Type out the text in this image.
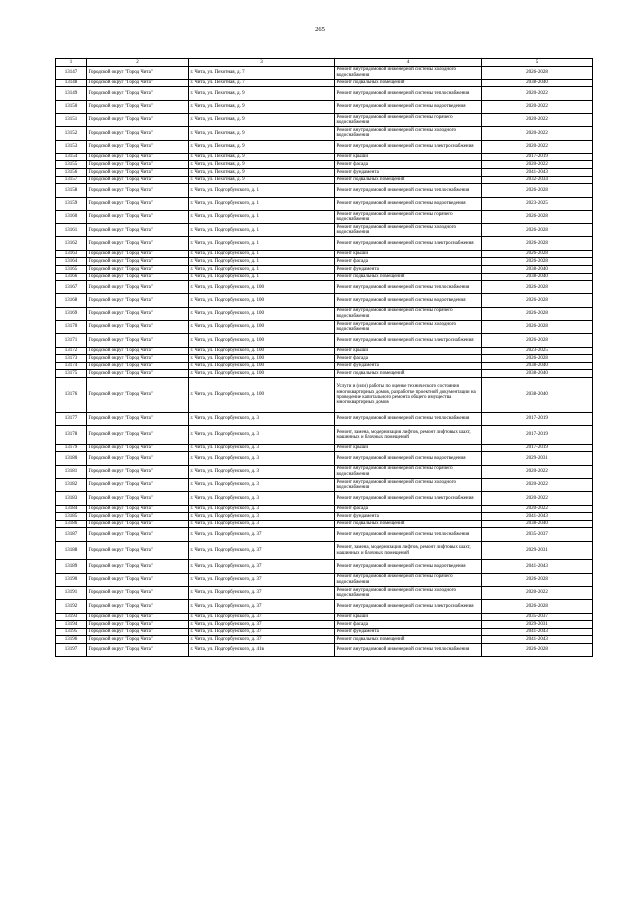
265
1	2	3	4	5
13147	Городской округ "Город Чита"	г. Чита, ул. Пехотная, д. 7	Ремонт внутридомовой инженерной системы холодного водоснабжения	2026-2028
13148	Городской округ "Город Чита"	г. Чита, ул. Пехотная, д. 7	Ремонт подвальных помещений	2038-2040
13149	Городской округ "Город Чита"	г. Чита, ул. Пехотная, д. 9	Ремонт внутридомовой инженерной системы теплоснабжения	2020-2022
13150	Городской округ "Город Чита"	г. Чита, ул. Пехотная, д. 9	Ремонт внутридомовой инженерной системы водоотведения	2020-2022
13151	Городской округ "Город Чита"	г. Чита, ул. Пехотная, д. 9	Ремонт внутридомовой инженерной системы горячего водоснабжения	2020-2022
13152	Городской округ "Город Чита"	г. Чита, ул. Пехотная, д. 9	Ремонт внутридомовой инженерной системы холодного водоснабжения	2020-2022
13153	Городской округ "Город Чита"	г. Чита, ул. Пехотная, д. 9	Ремонт внутридомовой инженерной системы электроснабжения	2020-2022
13154	Городской округ "Город Чита"	г. Чита, ул. Пехотная, д. 9	Ремонт крыши	2017-2019
13155	Городской округ "Город Чита"	г. Чита, ул. Пехотная, д. 9	Ремонт фасада	2020-2022
13156	Городской округ "Город Чита"	г. Чита, ул. Пехотная, д. 9	Ремонт фундамента	2041-2043
13157	Городской округ "Город Чита"	г. Чита, ул. Пехотная, д. 9	Ремонт подвальных помещений	2032-2034
13158	Городской округ "Город Чита"	г. Чита, ул. Подгорбунского, д. 1	Ремонт внутридомовой инженерной системы теплоснабжения	2026-2028
13159	Городской округ "Город Чита"	г. Чита, ул. Подгорбунского, д. 1	Ремонт внутридомовой инженерной системы водоотведения	2023-2025
13160	Городской округ "Город Чита"	г. Чита, ул. Подгорбунского, д. 1	Ремонт внутридомовой инженерной системы горячего водоснабжения	2026-2028
13161	Городской округ "Город Чита"	г. Чита, ул. Подгорбунского, д. 1	Ремонт внутридомовой инженерной системы холодного водоснабжения	2026-2028
13162	Городской округ "Город Чита"	г. Чита, ул. Подгорбунского, д. 1	Ремонт внутридомовой инженерной системы электроснабжения	2026-2028
13163	Городской округ "Город Чита"	г. Чита, ул. Подгорбунского, д. 1	Ремонт крыши	2026-2028
13164	Городской округ "Город Чита"	г. Чита, ул. Подгорбунского, д. 1	Ремонт фасада	2026-2028
13165	Городской округ "Город Чита"	г. Чита, ул. Подгорбунского, д. 1	Ремонт фундамента	2038-2040
13166	Городской округ "Город Чита"	г. Чита, ул. Подгорбунского, д. 1	Ремонт подвальных помещений	2038-2040
13167	Городской округ "Город Чита"	г. Чита, ул. Подгорбунского, д. 100	Ремонт внутридомовой инженерной системы теплоснабжения	2026-2028
13168	Городской округ "Город Чита"	г. Чита, ул. Подгорбунского, д. 100	Ремонт внутридомовой инженерной системы водоотведения	2026-2028
13169	Городской округ "Город Чита"	г. Чита, ул. Подгорбунского, д. 100	Ремонт внутридомовой инженерной системы горячего водоснабжения	2026-2028
13170	Городской округ "Город Чита"	г. Чита, ул. Подгорбунского, д. 100	Ремонт внутридомовой инженерной системы холодного водоснабжения	2026-2028
13171	Городской округ "Город Чита"	г. Чита, ул. Подгорбунского, д. 100	Ремонт внутридомовой инженерной системы электроснабжения	2026-2028
13172	Городской округ "Город Чита"	г. Чита, ул. Подгорбунского, д. 100	Ремонт крыши	2023-2025
13173	Городской округ "Город Чита"	г. Чита, ул. Подгорбунского, д. 100	Ремонт фасада	2026-2028
13174	Городской округ "Город Чита"	г. Чита, ул. Подгорбунского, д. 100	Ремонт фундамента	2038-2040
13175	Городской округ "Город Чита"	г. Чита, ул. Подгорбунского, д. 100	Ремонт подвальных помещений	2038-2040
13176	Городской округ "Город Чита"	г. Чита, ул. Подгорбунского, д. 100	Услуги и (или) работы по оценке технического состояния многоквартирных домов, разработке проектной документации на проведение капитального ремонта общего имущества многоквартирных домов	2038-2040
13177	Городской округ "Город Чита"	г. Чита, ул. Подгорбунского, д. 3	Ремонт внутридомовой инженерной системы теплоснабжения	2017-2019
13178	Городской округ "Город Чита"	г. Чита, ул. Подгорбунского, д. 3	Ремонт, замена, модернизация лифтов, ремонт лифтовых шахт, машинных и блочных помещений	2017-2019
13179	Городской округ "Город Чита"	г. Чита, ул. Подгорбунского, д. 3	Ремонт крыши	2017-2019
13180	Городской округ "Город Чита"	г. Чита, ул. Подгорбунского, д. 3	Ремонт внутридомовой инженерной системы водоотведения	2029-2031
13181	Городской округ "Город Чита"	г. Чита, ул. Подгорбунского, д. 3	Ремонт внутридомовой инженерной системы горячего водоснабжения	2020-2022
13182	Городской округ "Город Чита"	г. Чита, ул. Подгорбунского, д. 3	Ремонт внутридомовой инженерной системы холодного водоснабжения	2020-2022
13183	Городской округ "Город Чита"	г. Чита, ул. Подгорбунского, д. 3	Ремонт внутридомовой инженерной системы электроснабжения	2020-2022
13184	Городской округ "Город Чита"	г. Чита, ул. Подгорбунского, д. 3	Ремонт фасада	2020-2022
13185	Городской округ "Город Чита"	г. Чита, ул. Подгорбунского, д. 3	Ремонт фундамента	2041-2043
13186	Городской округ "Город Чита"	г. Чита, ул. Подгорбунского, д. 3	Ремонт подвальных помещений	2038-2040
13187	Городской округ "Город Чита"	г. Чита, ул. Подгорбунского, д. 37	Ремонт внутридомовой инженерной системы теплоснабжения	2035-2037
13188	Городской округ "Город Чита"	г. Чита, ул. Подгорбунского, д. 37	Ремонт, замена, модернизация лифтов, ремонт лифтовых шахт, машинных и блочных помещений	2029-2031
13189	Городской округ "Город Чита"	г. Чита, ул. Подгорбунского, д. 37	Ремонт внутридомовой инженерной системы водоотведения	2041-2043
13190	Городской округ "Город Чита"	г. Чита, ул. Подгорбунского, д. 37	Ремонт внутридомовой инженерной системы горячего водоснабжения	2026-2028
13191	Городской округ "Город Чита"	г. Чита, ул. Подгорбунского, д. 37	Ремонт внутридомовой инженерной системы холодного водоснабжения	2020-2022
13192	Городской округ "Город Чита"	г. Чита, ул. Подгорбунского, д. 37	Ремонт внутридомовой инженерной системы электроснабжения	2026-2028
13193	Городской округ "Город Чита"	г. Чита, ул. Подгорбунского, д. 37	Ремонт крыши	2035-2037
13194	Городской округ "Город Чита"	г. Чита, ул. Подгорбунского, д. 37	Ремонт фасада	2029-2031
13195	Городской округ "Город Чита"	г. Чита, ул. Подгорбунского, д. 37	Ремонт фундамента	2041-2043
13196	Городской округ "Город Чита"	г. Чита, ул. Подгорбунского, д. 37	Ремонт подвальных помещений	2041-2043
13197	Городской округ "Город Чита"	г. Чита, ул. Подгорбунского, д. 41в	Ремонт внутридомовой инженерной системы теплоснабжения	2026-2028
